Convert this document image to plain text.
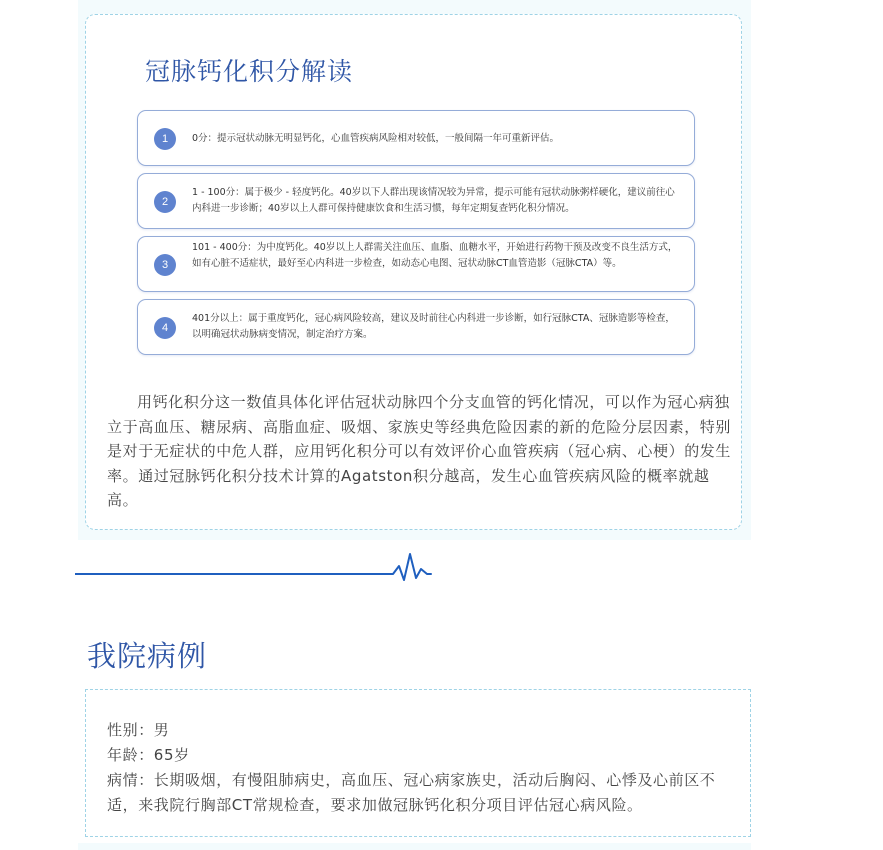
冠脉钙化积分解读
1	0分：提示冠状动脉无明显钙化，心血管疾病风险相对较低，一般间隔一年可重新评估。
2
1 - 100分：属于极少 - 轻度钙化。40岁以下人群出现该情况较为异常，提示可能有冠状动脉粥样硬化，建议前往心内科进一步诊断；40岁以上人群可保持健康饮食和生活习惯，每年定期复查钙化积分情况。
3
101 - 400分：为中度钙化。40岁以上人群需关注血压、血脂、血糖水平，开始进行药物干预及改变不良生活方式，如有心脏不适症状，最好至心内科进一步检查，如动态心电图、冠状动脉CT血管造影（冠脉CTA）等。
4
401分以上：属于重度钙化，冠心病风险较高，建议及时前往心内科进一步诊断，如行冠脉CTA、冠脉造影等检查，以明确冠状动脉病变情况，制定治疗方案。

用钙化积分这一数值具体化评估冠状动脉四个分支血管的钙化情况，可以作为冠心病独立于高血压、糖尿病、高脂血症、吸烟、家族史等经典危险因素的新的危险分层因素，特别是对于无症状的中危人群，应用钙化积分可以有效评价心血管疾病（冠心病、心梗）的发生率。通过冠脉钙化积分技术计算的Agatston积分越高，发生心血管疾病风险的概率就越高。

我院病例
性别：男
年龄：65岁
病情：长期吸烟，有慢阻肺病史，高血压、冠心病家族史，活动后胸闷、心悸及心前区不适，来我院行胸部CT常规检查，要求加做冠脉钙化积分项目评估冠心病风险。
